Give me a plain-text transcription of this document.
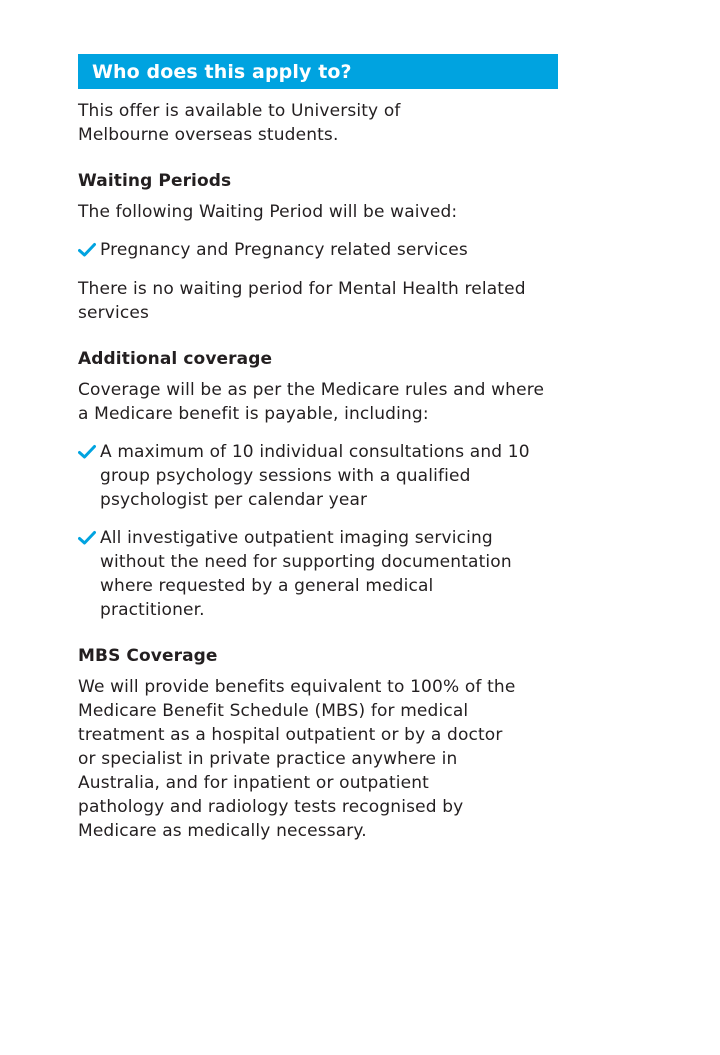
Who does this apply to?

This offer is available to University of Melbourne overseas students.

Waiting Periods

The following Waiting Period will be waived:

Pregnancy and Pregnancy related services

There is no waiting period for Mental Health related services

Additional coverage

Coverage will be as per the Medicare rules and where a Medicare benefit is payable, including:

A maximum of 10 individual consultations and 10 group psychology sessions with a qualified psychologist per calendar year
All investigative outpatient imaging servicing without the need for supporting documentation where requested by a general medical practitioner.

MBS Coverage

We will provide benefits equivalent to 100% of the Medicare Benefit Schedule (MBS) for medical treatment as a hospital outpatient or by a doctor or specialist in private practice anywhere in Australia, and for inpatient or outpatient pathology and radiology tests recognised by Medicare as medically necessary.
